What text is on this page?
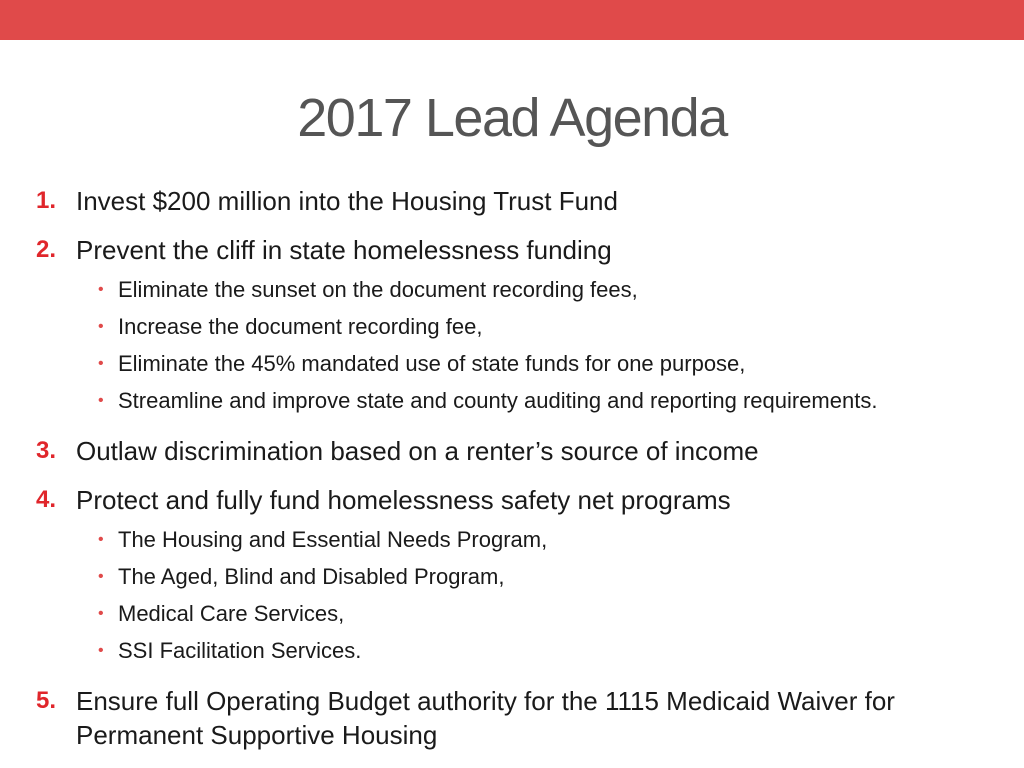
2017 Lead Agenda
1. Invest $200 million into the Housing Trust Fund
2. Prevent the cliff in state homelessness funding
• Eliminate the sunset on the document recording fees,
• Increase the document recording fee,
• Eliminate the 45% mandated use of state funds for one purpose,
• Streamline and improve state and county auditing and reporting requirements.
3. Outlaw discrimination based on a renter’s source of income
4. Protect and fully fund homelessness safety net programs
• The Housing and Essential Needs Program,
• The Aged, Blind and Disabled Program,
• Medical Care Services,
• SSI Facilitation Services.
5. Ensure full Operating Budget authority for the 1115 Medicaid Waiver for Permanent Supportive Housing
